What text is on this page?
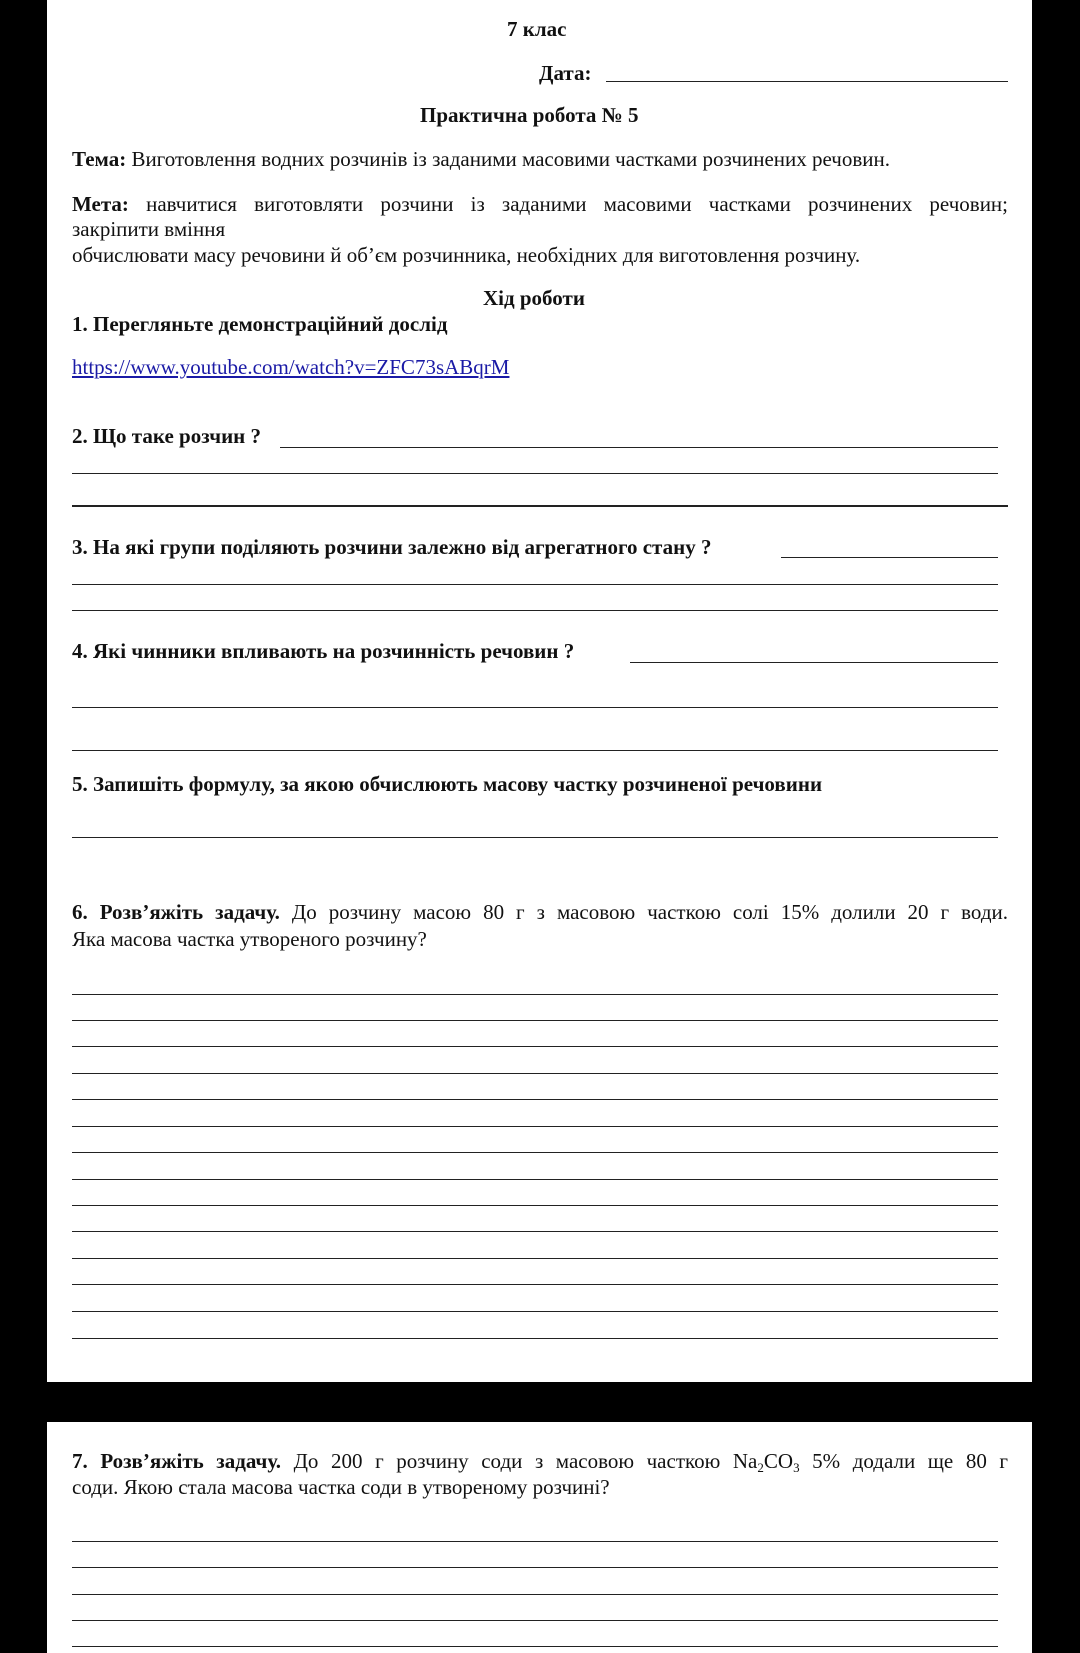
7 клас
Дата:
Практична робота № 5
Тема: Виготовлення водних розчинів із заданими масовими частками розчинених речовин.
Мета: навчитися виготовляти розчини із заданими масовими частками розчинених речовин;
закріпити вміння
обчислювати масу речовини й об’єм розчинника, необхідних для виготовлення розчину.
Хід роботи
1. Перегляньте демонстраційний дослід
https://www.youtube.com/watch?v=ZFC73sABqrM
2. Що таке розчин ?
3. На які групи поділяють розчини залежно від агрегатного стану ?
4. Які чинники впливають на розчинність речовин ?
5. Запишіть формулу, за якою обчислюють масову частку розчиненої речовини
6. Розв’яжіть задачу. До розчину масою 80 г з масовою часткою солі 15% долили 20 г води.
Яка масова частка утвореного розчину?
7. Розв’яжіть задачу. До 200 г розчину соди з масовою часткою $Na_2CO_3$ 5% додали ще 80 г
соди. Якою стала масова частка соди в утвореному розчині?
